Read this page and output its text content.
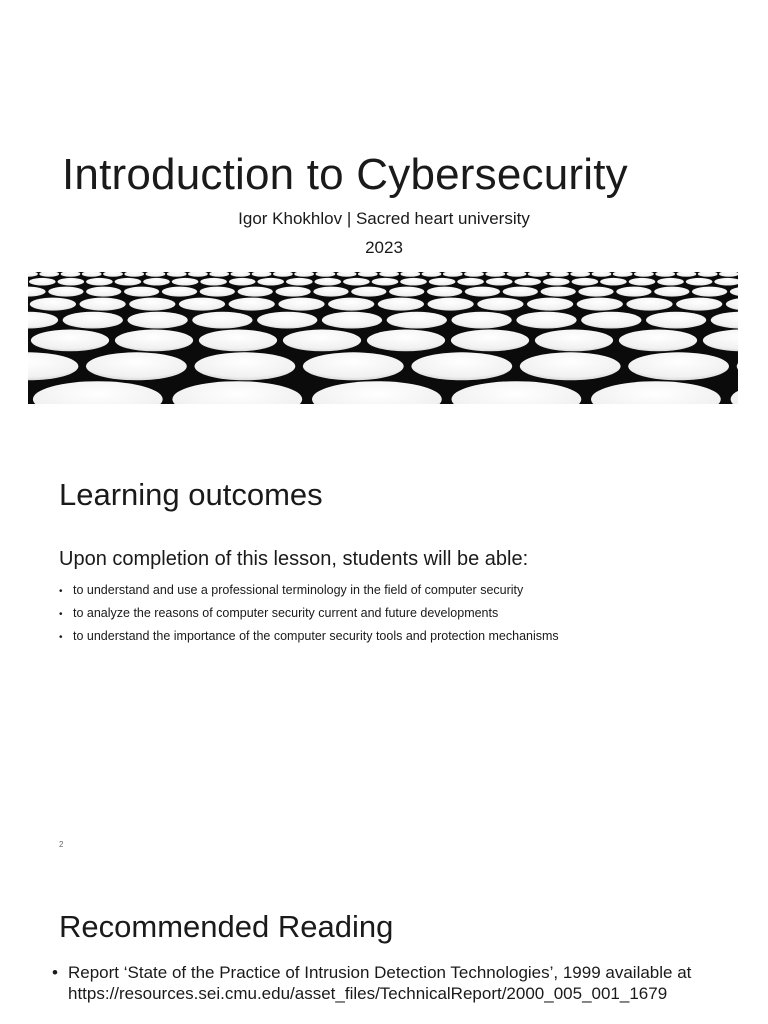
Introduction to Cybersecurity
Igor Khokhlov | Sacred heart university
2023
Learning outcomes
Upon completion of this lesson, students will be able:
• to understand and use a professional terminology in the field of computer security
• to analyze the reasons of computer security current and future developments
• to understand the importance of the computer security tools and protection mechanisms
2
Recommended Reading
• Report ‘State of the Practice of Intrusion Detection Technologies’, 1999 available at https://resources.sei.cmu.edu/asset_files/TechnicalReport/2000_005_001_1679
